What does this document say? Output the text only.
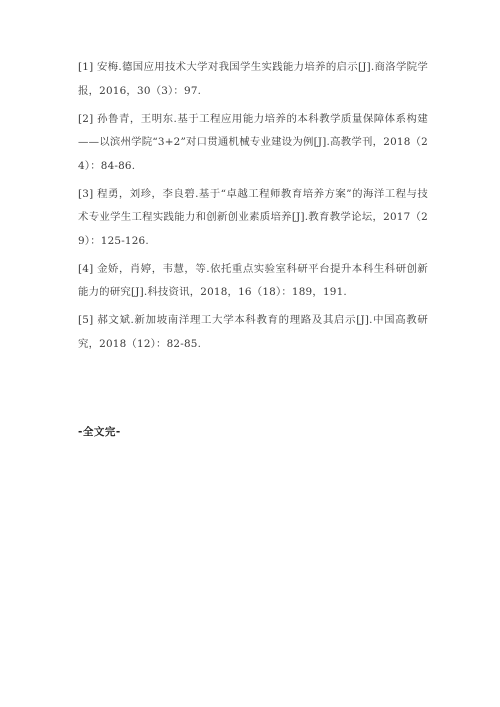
[1] 安梅.德国应用技术大学对我国学生实践能力培养的启示[J].商洛学院学报，2016，30（3）：97.

[2] 孙鲁青，王明东.基于工程应用能力培养的本科教学质量保障体系构建——以滨州学院“3+2”对口贯通机械专业建设为例[J].高教学刊，2018（24）：84-86.

[3] 程勇，刘珍，李良碧.基于“卓越工程师教育培养方案”的海洋工程与技术专业学生工程实践能力和创新创业素质培养[J].教育教学论坛，2017（29）：125-126.

[4] 金娇，肖婷，韦慧，等.依托重点实验室科研平台提升本科生科研创新能力的研究[J].科技资讯，2018，16（18）：189，191.

[5] 郝文斌.新加坡南洋理工大学本科教育的理路及其启示[J].中国高教研究，2018（12）：82-85.

-全文完-
